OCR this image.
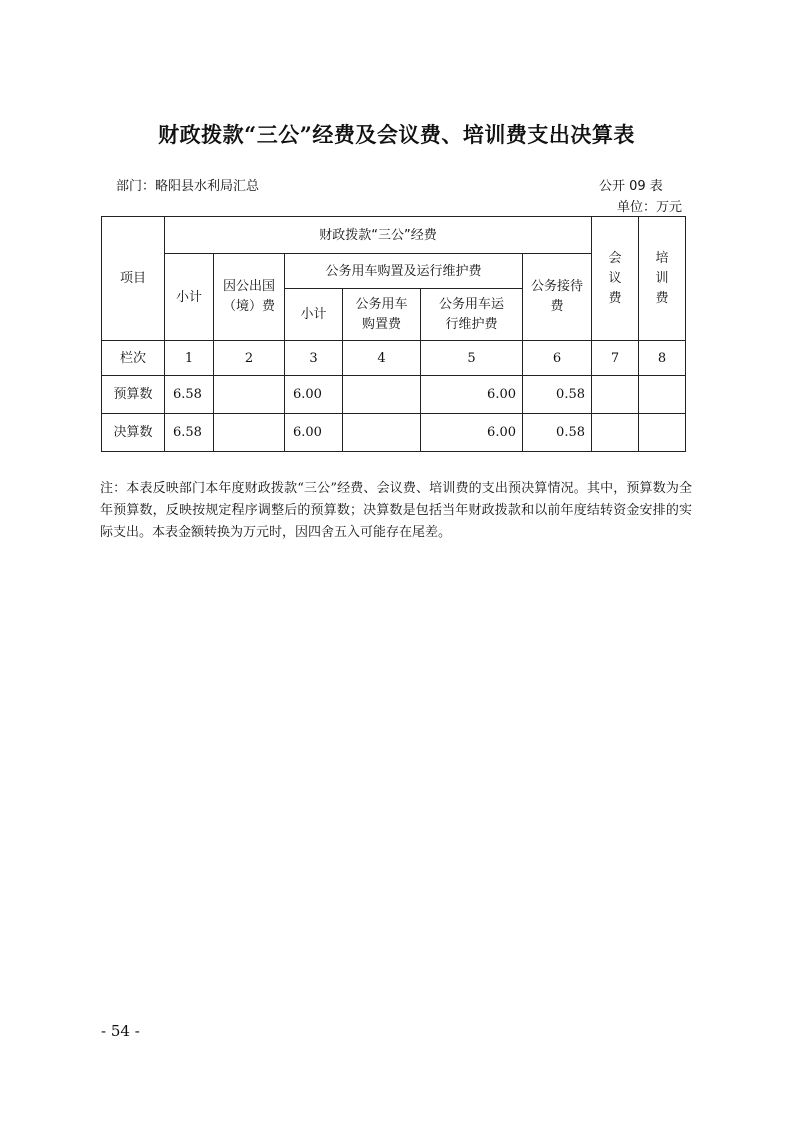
财政拨款“三公”经费及会议费、培训费支出决算表
部门：略阳县水利局汇总	公开 09 表
单位：万元
项目	财政拨款“三公”经费						会议费	培训费
	小计	因公出国（境）费	公务用车购置及运行维护费			公务接待费		
			小计	公务用车购置费	公务用车运行维护费			
栏次	1	2	3	4	5	6	7	8
预算数	6.58		6.00		6.00	0.58		
决算数	6.58		6.00		6.00	0.58		
注：本表反映部门本年度财政拨款“三公”经费、会议费、培训费的支出预决算情况。其中，预算数为全年预算数，反映按规定程序调整后的预算数；决算数是包括当年财政拨款和以前年度结转资金安排的实际支出。本表金额转换为万元时，因四舍五入可能存在尾差。
- 54 -
